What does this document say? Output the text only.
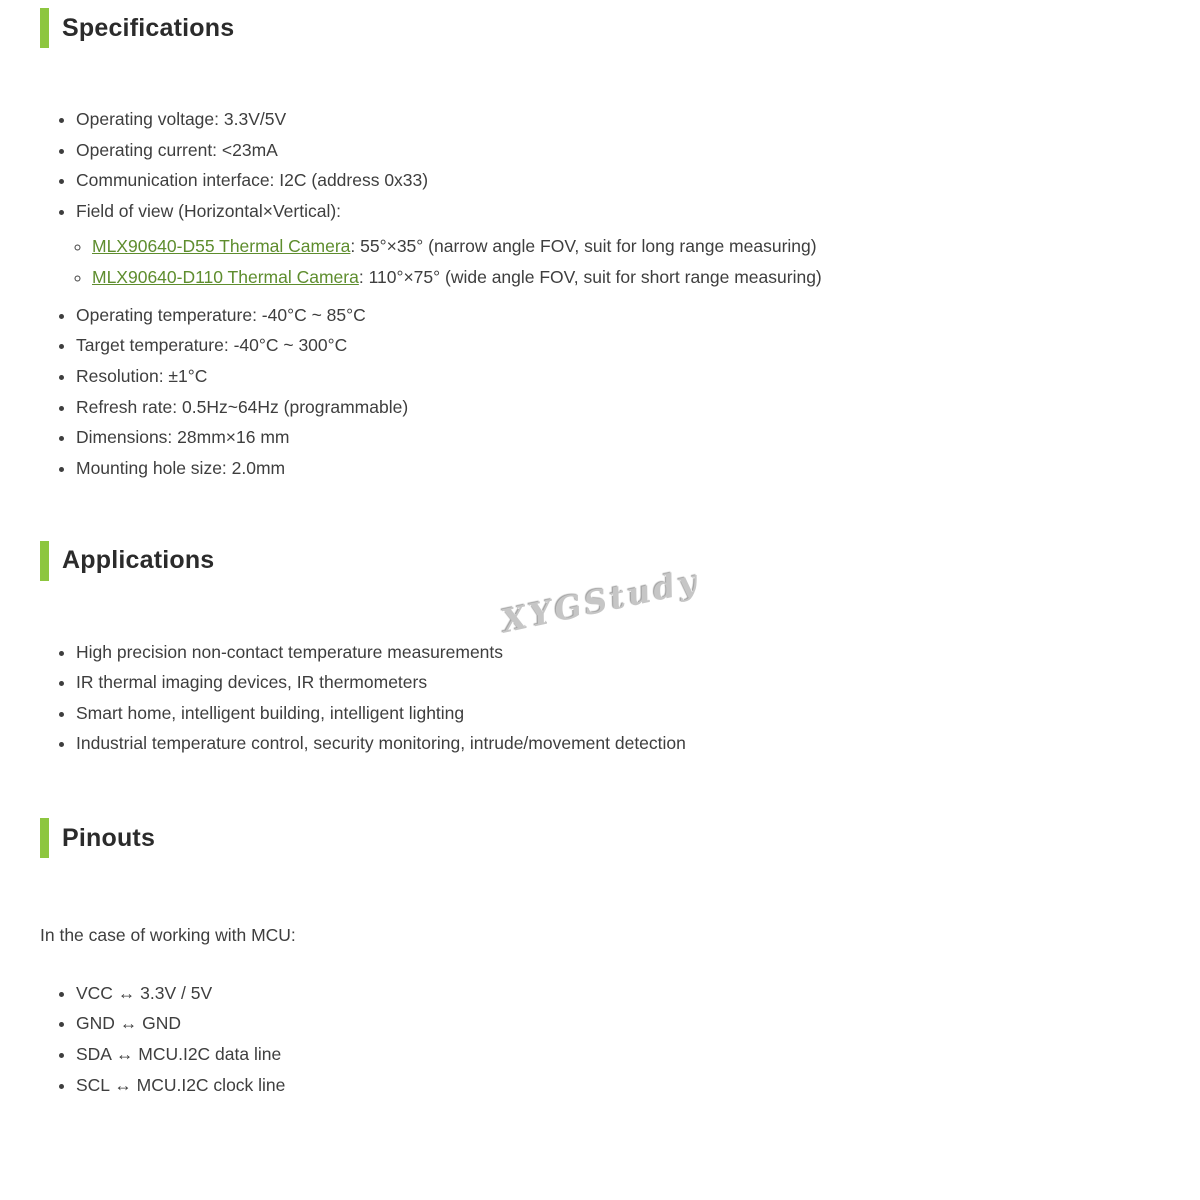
Specifications
• Operating voltage: 3.3V/5V
• Operating current: <23mA
• Communication interface: I2C (address 0x33)
• Field of view (Horizontal×Vertical):
◦ MLX90640-D55 Thermal Camera: 55°×35° (narrow angle FOV, suit for long range measuring)
◦ MLX90640-D110 Thermal Camera: 110°×75° (wide angle FOV, suit for short range measuring)
• Operating temperature: -40°C ~ 85°C
• Target temperature: -40°C ~ 300°C
• Resolution: ±1°C
• Refresh rate: 0.5Hz~64Hz (programmable)
• Dimensions: 28mm×16 mm
• Mounting hole size: 2.0mm
XYGStudy
Applications
• High precision non-contact temperature measurements
• IR thermal imaging devices, IR thermometers
• Smart home, intelligent building, intelligent lighting
• Industrial temperature control, security monitoring, intrude/movement detection
Pinouts

In the case of working with MCU:

• VCC ↔ 3.3V / 5V
• GND ↔ GND
• SDA ↔ MCU.I2C data line
• SCL ↔ MCU.I2C clock line
